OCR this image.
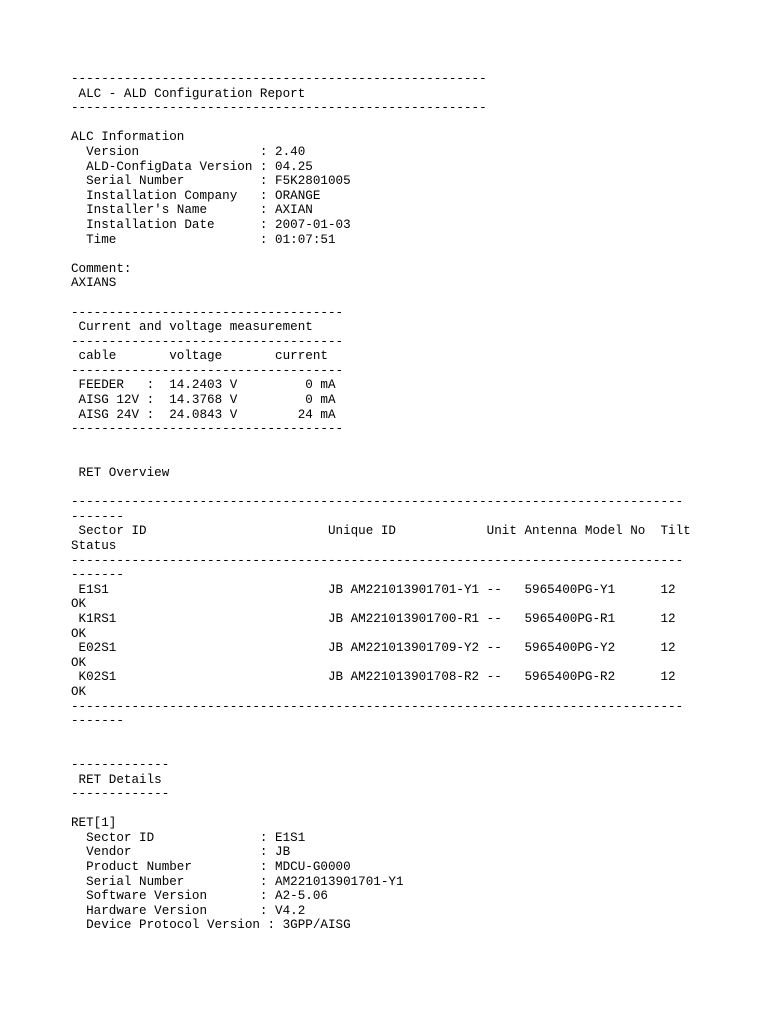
-------------------------------------------------------
ALC - ALD Configuration Report
-------------------------------------------------------
ALC Information
Version                : 2.40
ALD-ConfigData Version : 04.25
Serial Number          : F5K2801005
Installation Company   : ORANGE
Installer's Name       : AXIAN
Installation Date      : 2007-01-03
Time                   : 01:07:51
Comment:
AXIANS
------------------------------------
Current and voltage measurement
------------------------------------
cable       voltage       current
------------------------------------
FEEDER   :  14.2403 V         0 mA
AISG 12V :  14.3768 V         0 mA
AISG 24V :  24.0843 V        24 mA
------------------------------------
RET Overview
---------------------------------------------------------------------------------
-------
Sector ID                        Unique ID            Unit Antenna Model No  Tilt
Status
---------------------------------------------------------------------------------
-------
E1S1                             JB AM221013901701-Y1 --   5965400PG-Y1      12
OK
K1RS1                            JB AM221013901700-R1 --   5965400PG-R1      12
OK
E02S1                            JB AM221013901709-Y2 --   5965400PG-Y2      12
OK
K02S1                            JB AM221013901708-R2 --   5965400PG-R2      12
OK
---------------------------------------------------------------------------------
-------
-------------
RET Details
-------------
RET[1]
Sector ID              : E1S1
Vendor                 : JB
Product Number         : MDCU-G0000
Serial Number          : AM221013901701-Y1
Software Version       : A2-5.06
Hardware Version       : V4.2
Device Protocol Version : 3GPP/AISG
